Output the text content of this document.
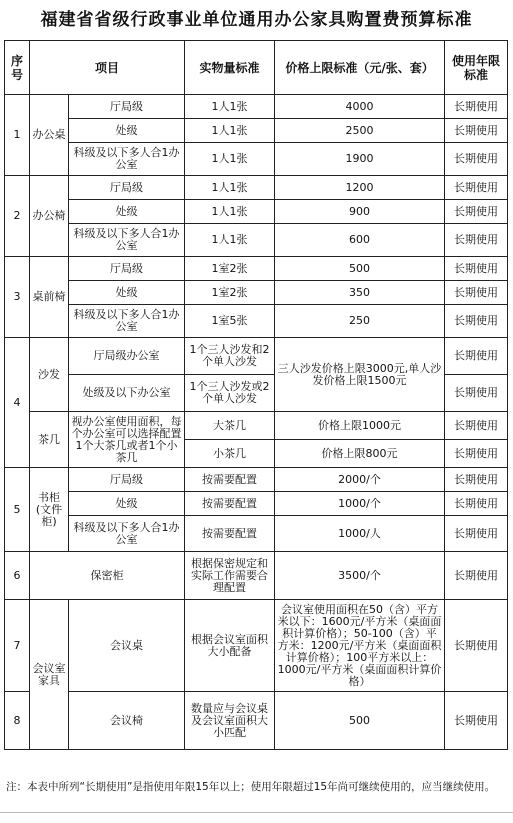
福建省省级行政事业单位通用办公家具购置费预算标准
序号	项目		实物量标准	价格上限标准（元/张、套）	使用年限标准
1	办公桌	厅局级	1人1张	4000	长期使用
		处级	1人1张	2500	长期使用
		科级及以下多人合1办公室	1人1张	1900	长期使用
2	办公椅	厅局级	1人1张	1200	长期使用
		处级	1人1张	900	长期使用
		科级及以下多人合1办公室	1人1张	600	长期使用
3	桌前椅	厅局级	1室2张	500	长期使用
		处级	1室2张	350	长期使用
		科级及以下多人合1办公室	1室5张	250	长期使用
4	沙发	厅局级办公室	1个三人沙发和2个单人沙发	三人沙发价格上限3000元,单人沙发价格上限1500元	长期使用
		处级及以下办公室	1个三人沙发或2个单人沙发		长期使用
	茶几	视办公室使用面积，每个办公室可以选择配置1个大茶几或者1个小茶几	大茶几	价格上限1000元	长期使用
			小茶几	价格上限800元	长期使用
5	书柜(文件柜)	厅局级	按需要配置	2000/个	长期使用
		处级	按需要配置	1000/个	长期使用
		科级及以下多人合1办公室	按需要配置	1000/人	长期使用
6	保密柜		根据保密规定和实际工作需要合理配置	3500/个	长期使用
7	会议室家具	会议桌	根据会议室面积大小配备	会议室使用面积在50（含）平方米以下：1600元/平方米（桌面面积计算价格）；50-100（含）平方米：1200元/平方米（桌面面积计算价格）；100平方米以上：1000元/平方米（桌面面积计算价格）	长期使用
8		会议椅	数量应与会议桌及会议室面积大小匹配	500	长期使用
注：本表中所列“长期使用”是指使用年限15年以上；使用年限超过15年尚可继续使用的，应当继续使用。
